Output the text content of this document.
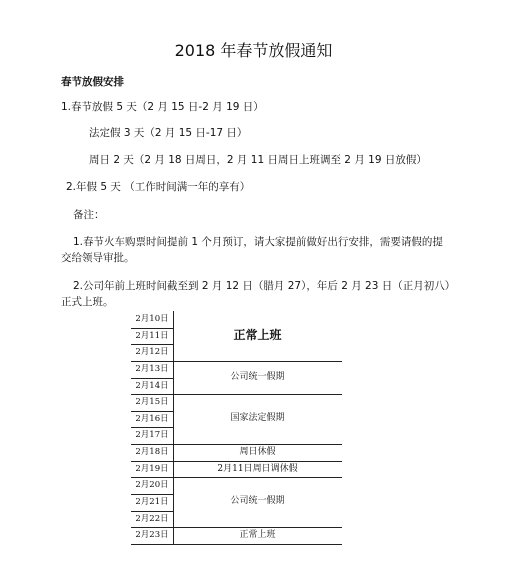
2018 年春节放假通知
春节放假安排
1.春节放假 5 天（2 月 15 日-2 月 19 日）
法定假 3 天（2 月 15 日-17 日）
周日 2 天（2 月 18 日周日，2 月 11 日周日上班调至 2 月 19 日放假）
2.年假 5 天 （工作时间满一年的享有）
备注：
1.春节火车购票时间提前 1 个月预订，请大家提前做好出行安排，需要请假的提交给领导审批。
2.公司年前上班时间截至到 2 月 12 日（腊月 27），年后 2 月 23 日（正月初八）正式上班。
2月10日
2月11日
2月12日
2月13日
2月14日
2月15日
2月16日
2月17日
2月18日
2月19日
2月20日
2月21日
2月22日
2月23日
正常上班
公司统一假期
国家法定假期
周日休假
2月11日周日调休假
公司统一假期
正常上班
